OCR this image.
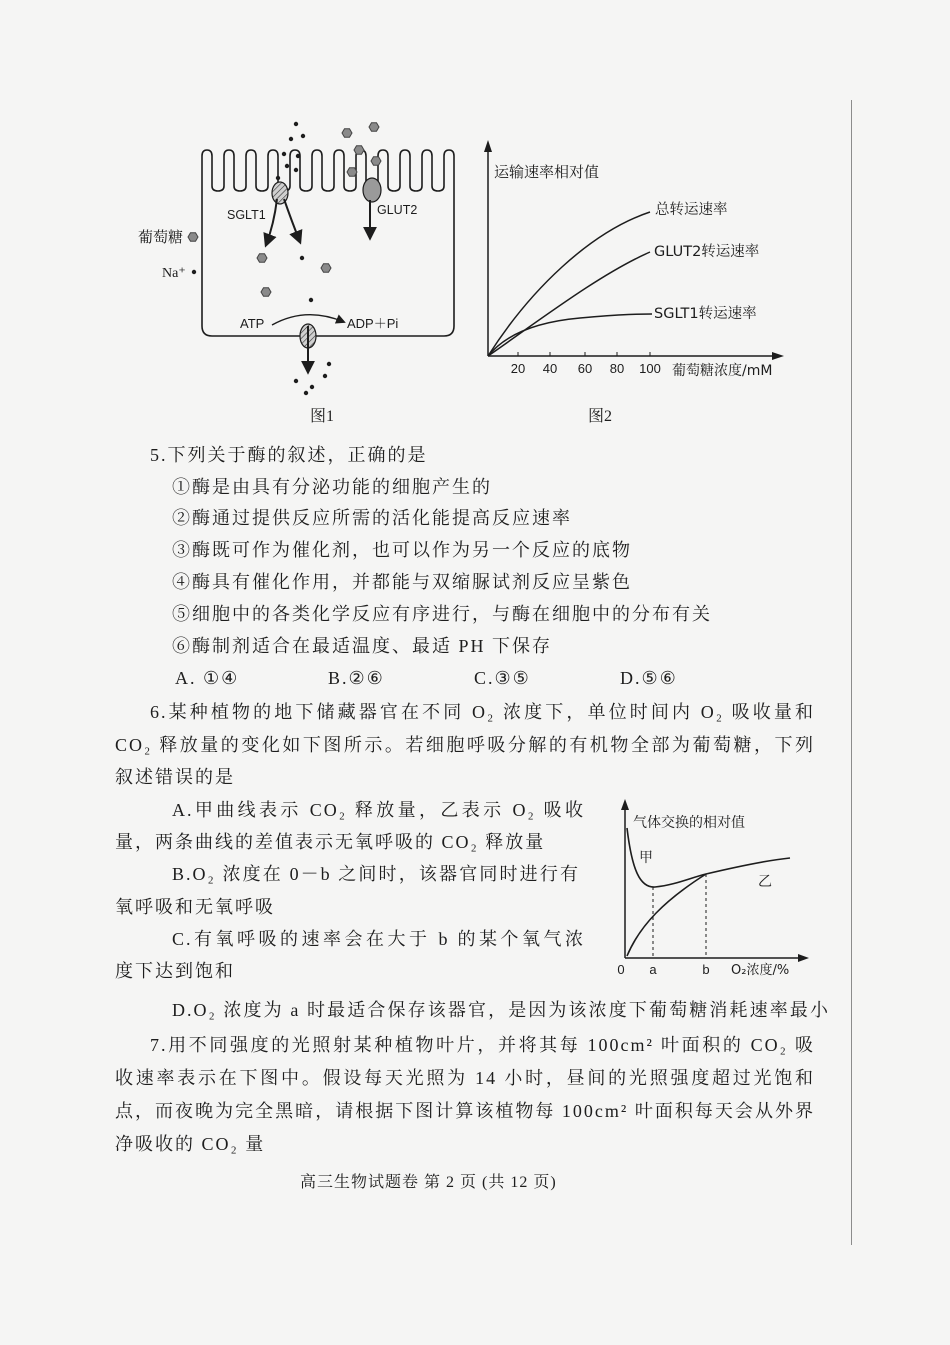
SGLT1	GLUT2
葡萄糖
Na⁺
ATP	ADP＋Pi
图1
20 40 60 80 100 葡萄糖浓度/mM
运输速率相对值
总转运速率
GLUT2转运速率
SGLT1转运速率
图2
5.下列关于酶的叙述，正确的是
①酶是由具有分泌功能的细胞产生的
②酶通过提供反应所需的活化能提高反应速率
③酶既可作为催化剂，也可以作为另一个反应的底物
④酶具有催化作用，并都能与双缩脲试剂反应呈紫色
⑤细胞中的各类化学反应有序进行，与酶在细胞中的分布有关
⑥酶制剂适合在最适温度、最适 PH 下保存
A. ①④	B.②⑥	C.③⑤	D.⑤⑥
6.某种植物的地下储藏器官在不同 O₂ 浓度下，单位时间内 O₂ 吸收量和
CO₂ 释放量的变化如下图所示。若细胞呼吸分解的有机物全部为葡萄糖，下列
叙述错误的是
A.甲曲线表示 CO₂ 释放量，乙表示 O₂ 吸收
量，两条曲线的差值表示无氧呼吸的 CO₂ 释放量
B.O₂ 浓度在 0－b 之间时，该器官同时进行有
氧呼吸和无氧呼吸
C.有氧呼吸的速率会在大于 b 的某个氧气浓
度下达到饱和
D.O₂ 浓度为 a 时最适合保存该器官，是因为该浓度下葡萄糖消耗速率最小
气体交换的相对值
甲
乙
0 a	b O₂浓度/%
7.用不同强度的光照射某种植物叶片，并将其每 100cm² 叶面积的 CO₂ 吸
收速率表示在下图中。假设每天光照为 14 小时，昼间的光照强度超过光饱和
点，而夜晚为完全黑暗，请根据下图计算该植物每 100cm² 叶面积每天会从外界
净吸收的 CO₂ 量
高三生物试题卷 第 2 页 (共 12 页)
